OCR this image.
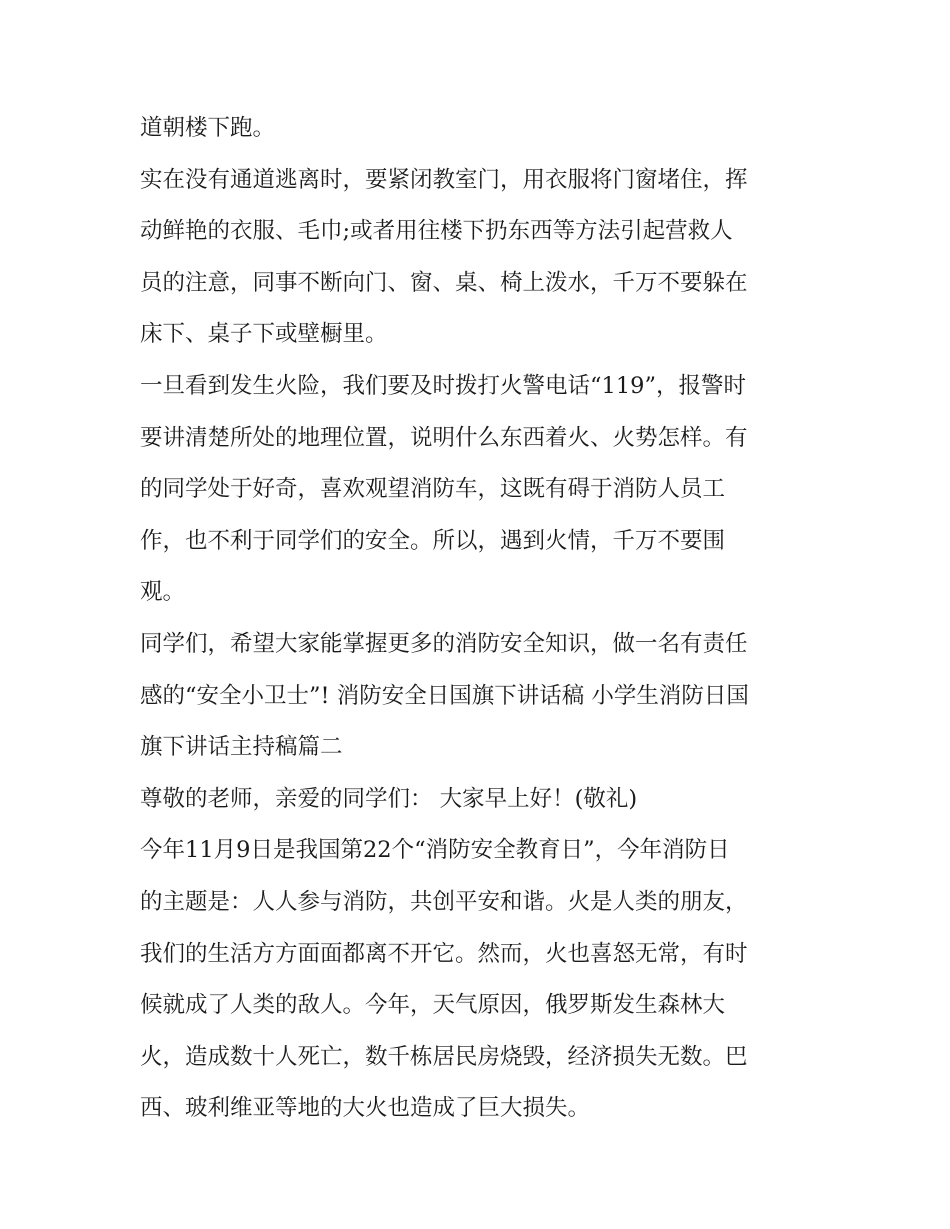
道朝楼下跑。
实在没有通道逃离时，要紧闭教室门，用衣服将门窗堵住，挥
动鲜艳的衣服、毛巾;或者用往楼下扔东西等方法引起营救人
员的注意，同事不断向门、窗、桌、椅上泼水，千万不要躲在
床下、桌子下或壁橱里。
一旦看到发生火险，我们要及时拨打火警电话“119”，报警时
要讲清楚所处的地理位置，说明什么东西着火、火势怎样。有
的同学处于好奇，喜欢观望消防车，这既有碍于消防人员工
作，也不利于同学们的安全。所以，遇到火情，千万不要围
观。
同学们，希望大家能掌握更多的消防安全知识，做一名有责任
感的“安全小卫士”! 消防安全日国旗下讲话稿 小学生消防日国
旗下讲话主持稿篇二
尊敬的老师，亲爱的同学们： 大家早上好！(敬礼)
今年11月9日是我国第22个“消防安全教育日”，今年消防日
的主题是：人人参与消防，共创平安和谐。火是人类的朋友，
我们的生活方方面面都离不开它。然而，火也喜怒无常，有时
候就成了人类的敌人。今年，天气原因，俄罗斯发生森林大
火，造成数十人死亡，数千栋居民房烧毁，经济损失无数。巴
西、玻利维亚等地的大火也造成了巨大损失。
